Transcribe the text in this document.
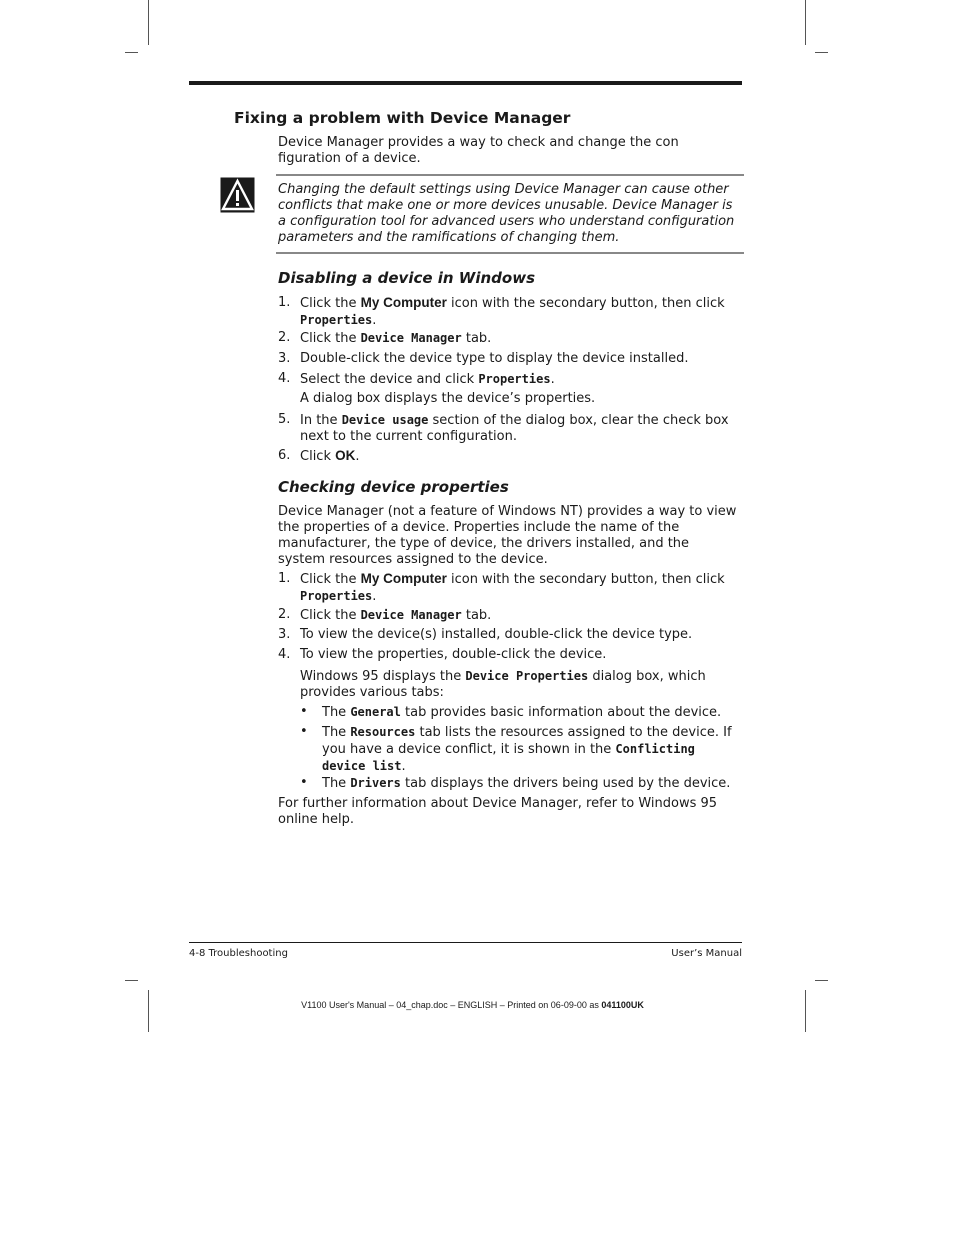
Fixing a problem with Device Manager

Device Manager provides a way to check and change the con figuration of a device.

Changing the default settings using Device Manager can cause other conflicts that make one or more devices unusable. Device Manager is a configuration tool for advanced users who understand configuration parameters and the ramifications of changing them.

Disabling a device in Windows
1. Click the My Computer icon with the secondary button, then click Properties.
2. Click the Device Manager tab.
3. Double-click the device type to display the device installed.
4. Select the device and click Properties.
A dialog box displays the device’s properties.
5. In the Device usage section of the dialog box, clear the check box next to the current configuration.
6. Click OK.
Checking device properties

Device Manager (not a feature of Windows NT) provides a way to view the properties of a device. Properties include the name of the manufacturer, the type of device, the drivers installed, and the system resources assigned to the device.

1. Click the My Computer icon with the secondary button, then click Properties.
2. Click the Device Manager tab.
3. To view the device(s) installed, double-click the device type.
4. To view the properties, double-click the device.
Windows 95 displays the Device Properties dialog box, which provides various tabs:
• The General tab provides basic information about the device.
• The Resources tab lists the resources assigned to the device. If you have a device conflict, it is shown in the Conflicting device list.
• The Drivers tab displays the drivers being used by the device.

For further information about Device Manager, refer to Windows 95 online help.

4-8 Troubleshooting	User’s Manual
V1100 User's Manual – 04_chap.doc – ENGLISH – Printed on 06-09-00 as 041100UK
